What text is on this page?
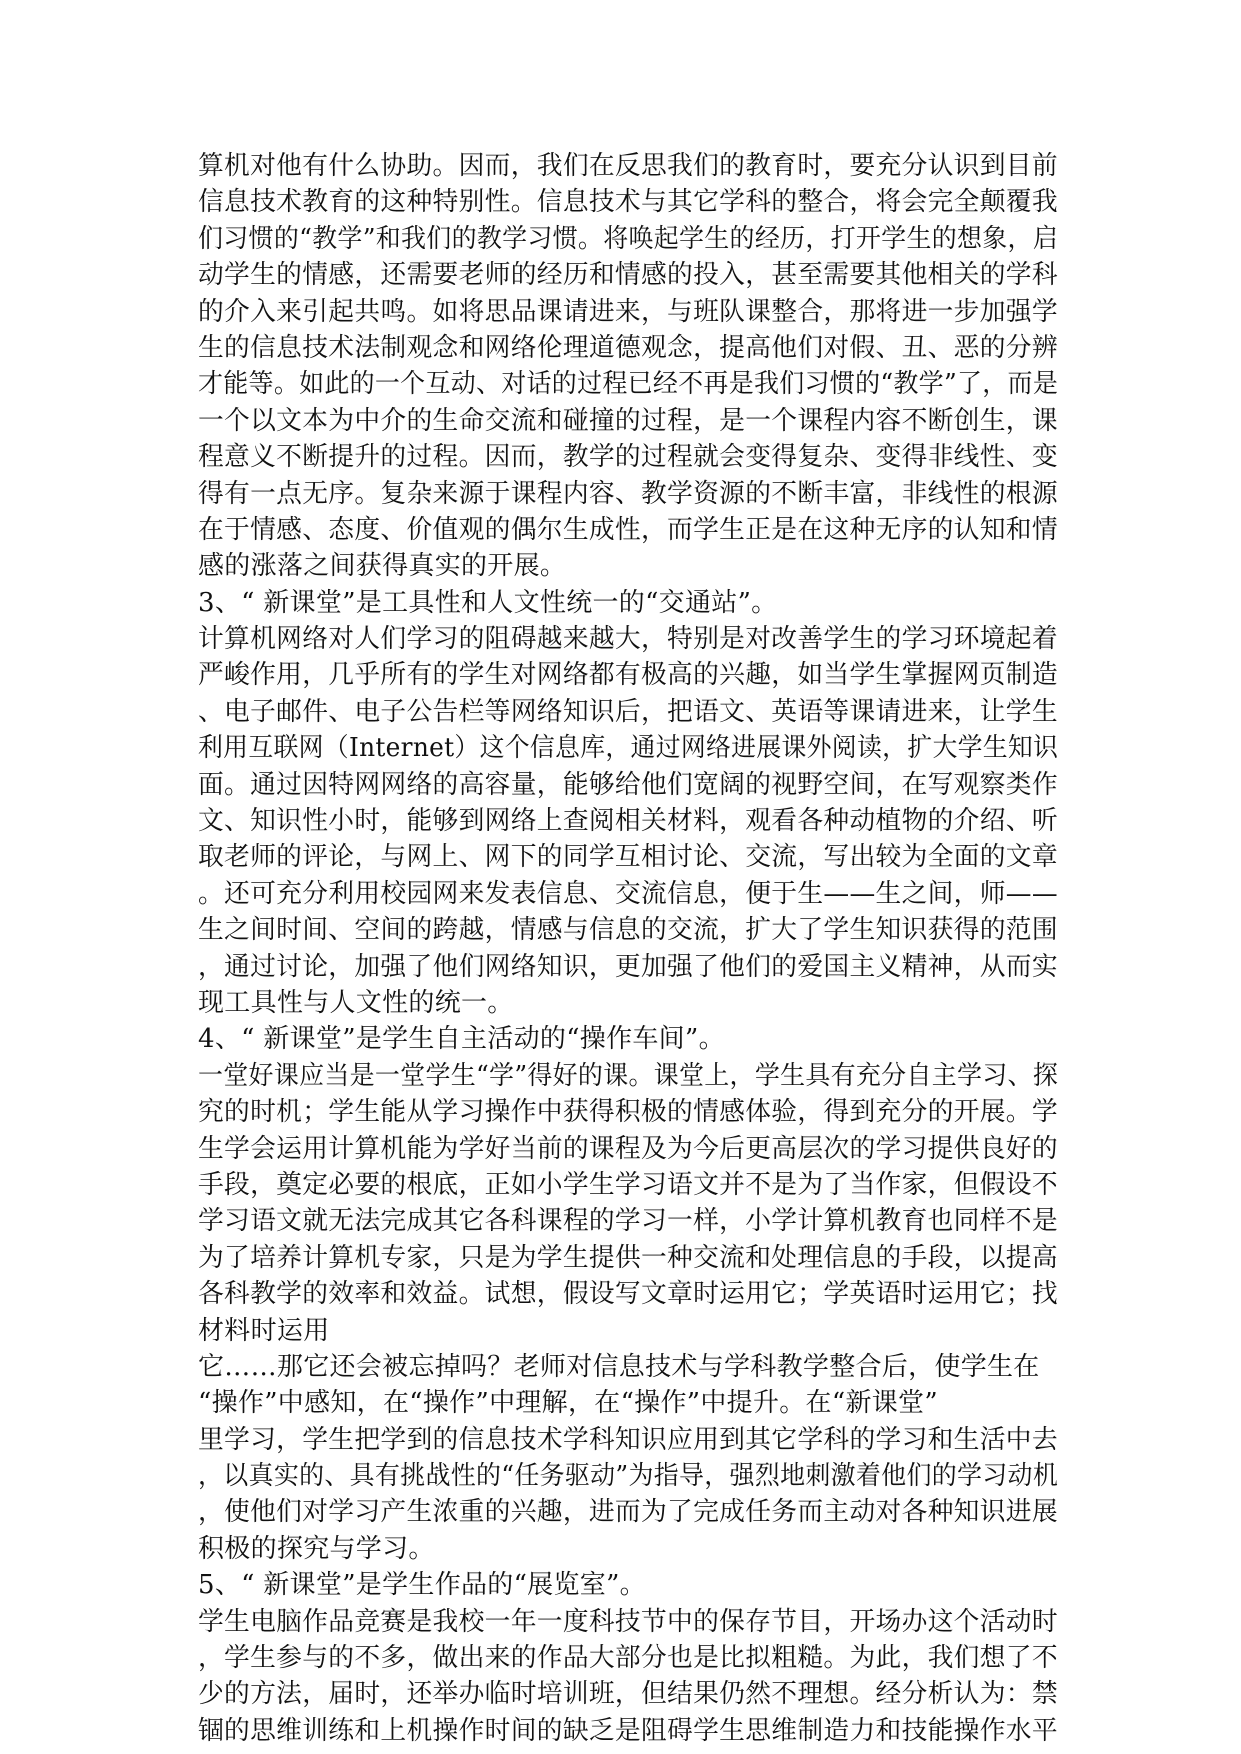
算机对他有什么协助。因而，我们在反思我们的教育时，要充分认识到目前
信息技术教育的这种特别性。信息技术与其它学科的整合，将会完全颠覆我
们习惯的“教学”和我们的教学习惯。将唤起学生的经历，打开学生的想象，启
动学生的情感，还需要老师的经历和情感的投入，甚至需要其他相关的学科
的介入来引起共鸣。如将思品课请进来，与班队课整合，那将进一步加强学
生的信息技术法制观念和网络伦理道德观念，提高他们对假、丑、恶的分辨
才能等。如此的一个互动、对话的过程已经不再是我们习惯的“教学”了，而是
一个以文本为中介的生命交流和碰撞的过程，是一个课程内容不断创生，课
程意义不断提升的过程。因而，教学的过程就会变得复杂、变得非线性、变
得有一点无序。复杂来源于课程内容、教学资源的不断丰富，非线性的根源
在于情感、态度、价值观的偶尔生成性，而学生正是在这种无序的认知和情
感的涨落之间获得真实的开展。
3、“ 新课堂”是工具性和人文性统一的“交通站”。
计算机网络对人们学习的阻碍越来越大，特别是对改善学生的学习环境起着
严峻作用，几乎所有的学生对网络都有极高的兴趣，如当学生掌握网页制造
、电子邮件、电子公告栏等网络知识后，把语文、英语等课请进来，让学生
利用互联网（Internet）这个信息库，通过网络进展课外阅读，扩大学生知识
面。通过因特网网络的高容量，能够给他们宽阔的视野空间，在写观察类作
文、知识性小时，能够到网络上查阅相关材料，观看各种动植物的介绍、听
取老师的评论，与网上、网下的同学互相讨论、交流，写出较为全面的文章
。还可充分利用校园网来发表信息、交流信息，便于生——生之间，师——
生之间时间、空间的跨越，情感与信息的交流，扩大了学生知识获得的范围
，通过讨论，加强了他们网络知识，更加强了他们的爱国主义精神，从而实
现工具性与人文性的统一。
4、“ 新课堂”是学生自主活动的“操作车间”。
一堂好课应当是一堂学生“学”得好的课。课堂上，学生具有充分自主学习、探
究的时机；学生能从学习操作中获得积极的情感体验，得到充分的开展。学
生学会运用计算机能为学好当前的课程及为今后更高层次的学习提供良好的
手段，奠定必要的根底，正如小学生学习语文并不是为了当作家，但假设不
学习语文就无法完成其它各科课程的学习一样，小学计算机教育也同样不是
为了培养计算机专家，只是为学生提供一种交流和处理信息的手段，以提高
各科教学的效率和效益。试想，假设写文章时运用它；学英语时运用它；找
材料时运用
它……那它还会被忘掉吗？老师对信息技术与学科教学整合后，使学生在
“操作”中感知，在“操作”中理解，在“操作”中提升。在“新课堂”
里学习，学生把学到的信息技术学科知识应用到其它学科的学习和生活中去
，以真实的、具有挑战性的“任务驱动”为指导，强烈地刺激着他们的学习动机
，使他们对学习产生浓重的兴趣，进而为了完成任务而主动对各种知识进展
积极的探究与学习。
5、“ 新课堂”是学生作品的“展览室”。
学生电脑作品竞赛是我校一年一度科技节中的保存节目，开场办这个活动时
，学生参与的不多，做出来的作品大部分也是比拟粗糙。为此，我们想了不
少的方法，届时，还举办临时培训班，但结果仍然不理想。经分析认为：禁
锢的思维训练和上机操作时间的缺乏是阻碍学生思维制造力和技能操作水平
